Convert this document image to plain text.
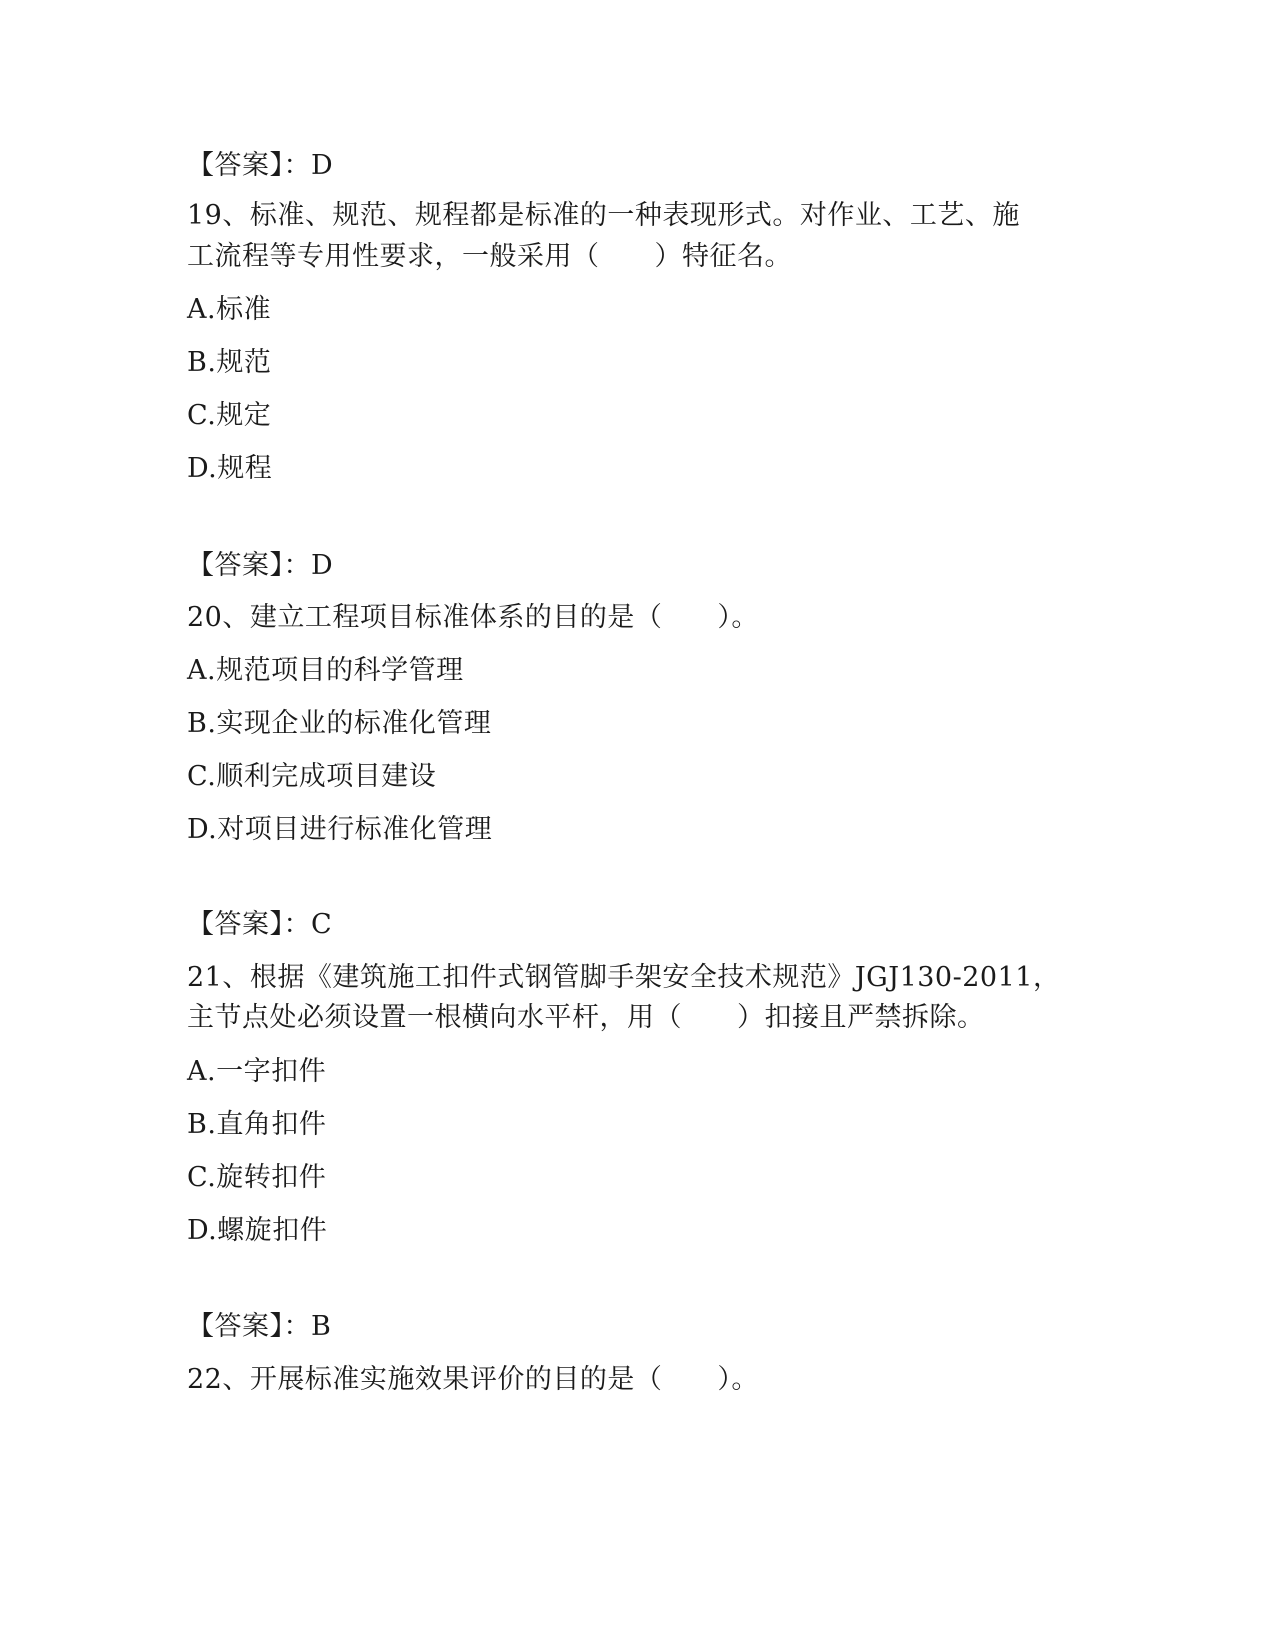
【答案】：D
19、标准、规范、规程都是标准的一种表现形式。对作业、工艺、施
工流程等专用性要求，一般采用（　　）特征名。
A.标准
B.规范
C.规定
D.规程
【答案】：D
20、建立工程项目标准体系的目的是（　　）。
A.规范项目的科学管理
B.实现企业的标准化管理
C.顺利完成项目建设
D.对项目进行标准化管理
【答案】：C
21、根据《建筑施工扣件式钢管脚手架安全技术规范》JGJ130-2011，
主节点处必须设置一根横向水平杆，用（　　）扣接且严禁拆除。
A.一字扣件
B.直角扣件
C.旋转扣件
D.螺旋扣件
【答案】：B
22、开展标准实施效果评价的目的是（　　）。
